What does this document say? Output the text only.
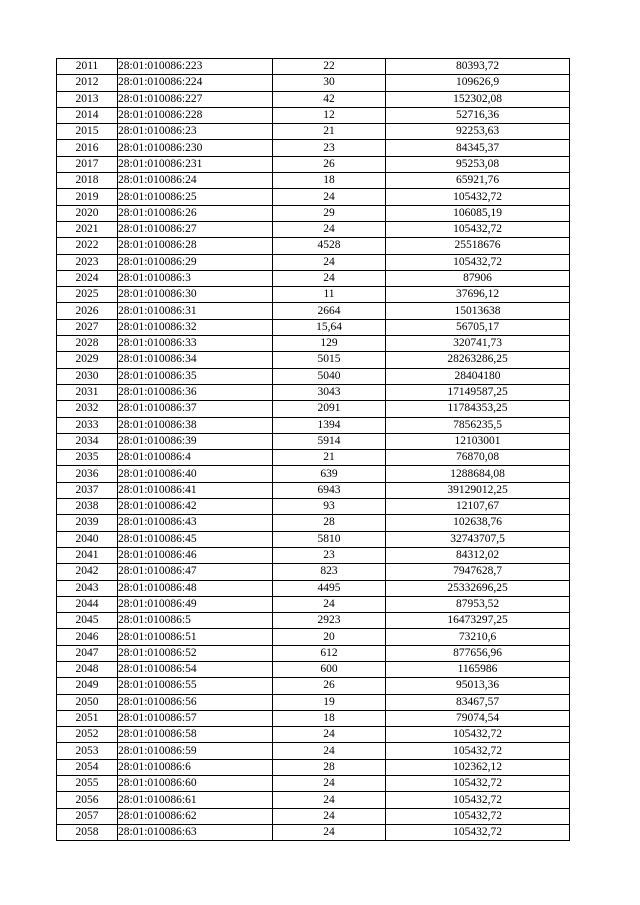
2011	28:01:010086:223	22	80393,72
2012	28:01:010086:224	30	109626,9
2013	28:01:010086:227	42	152302,08
2014	28:01:010086:228	12	52716,36
2015	28:01:010086:23	21	92253,63
2016	28:01:010086:230	23	84345,37
2017	28:01:010086:231	26	95253,08
2018	28:01:010086:24	18	65921,76
2019	28:01:010086:25	24	105432,72
2020	28:01:010086:26	29	106085,19
2021	28:01:010086:27	24	105432,72
2022	28:01:010086:28	4528	25518676
2023	28:01:010086:29	24	105432,72
2024	28:01:010086:3	24	87906
2025	28:01:010086:30	11	37696,12
2026	28:01:010086:31	2664	15013638
2027	28:01:010086:32	15,64	56705,17
2028	28:01:010086:33	129	320741,73
2029	28:01:010086:34	5015	28263286,25
2030	28:01:010086:35	5040	28404180
2031	28:01:010086:36	3043	17149587,25
2032	28:01:010086:37	2091	11784353,25
2033	28:01:010086:38	1394	7856235,5
2034	28:01:010086:39	5914	12103001
2035	28:01:010086:4	21	76870,08
2036	28:01:010086:40	639	1288684,08
2037	28:01:010086:41	6943	39129012,25
2038	28:01:010086:42	93	12107,67
2039	28:01:010086:43	28	102638,76
2040	28:01:010086:45	5810	32743707,5
2041	28:01:010086:46	23	84312,02
2042	28:01:010086:47	823	7947628,7
2043	28:01:010086:48	4495	25332696,25
2044	28:01:010086:49	24	87953,52
2045	28:01:010086:5	2923	16473297,25
2046	28:01:010086:51	20	73210,6
2047	28:01:010086:52	612	877656,96
2048	28:01:010086:54	600	1165986
2049	28:01:010086:55	26	95013,36
2050	28:01:010086:56	19	83467,57
2051	28:01:010086:57	18	79074,54
2052	28:01:010086:58	24	105432,72
2053	28:01:010086:59	24	105432,72
2054	28:01:010086:6	28	102362,12
2055	28:01:010086:60	24	105432,72
2056	28:01:010086:61	24	105432,72
2057	28:01:010086:62	24	105432,72
2058	28:01:010086:63	24	105432,72
